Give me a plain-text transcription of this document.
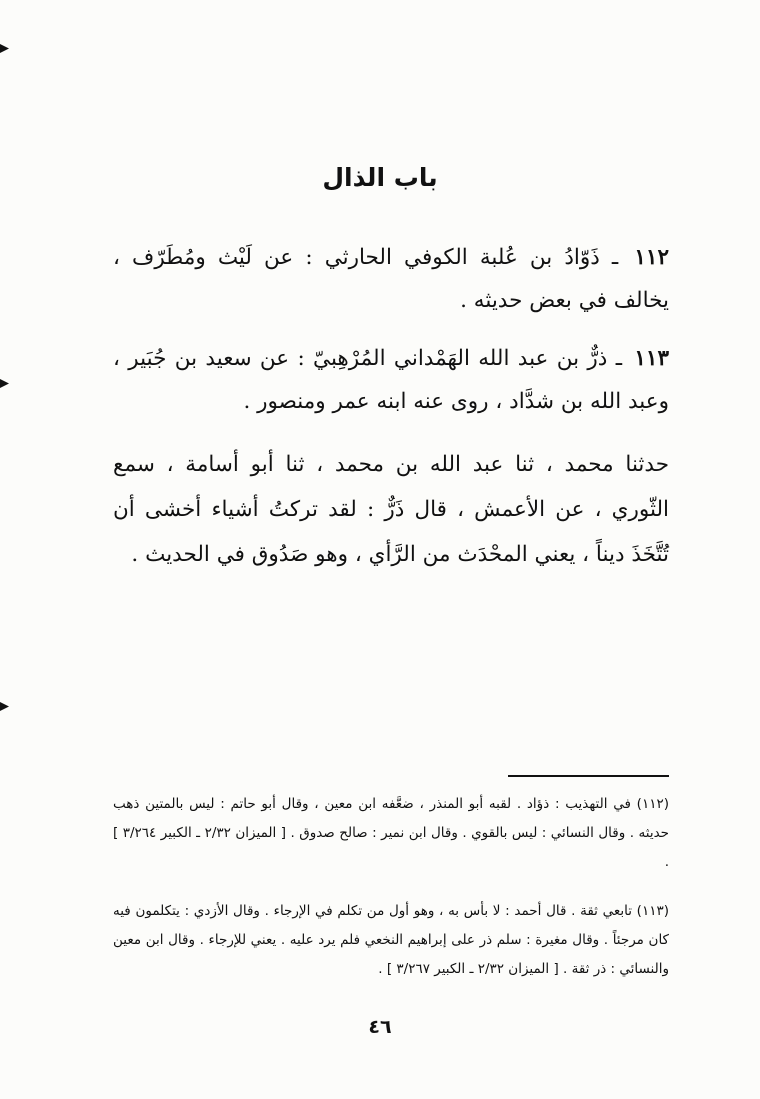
باب الذال
١١٢ ـ ذَوّادُ بن عُلبة الكوفي الحارثي : عن لَيْث ومُطَرّف ، يخالف في بعض حديثه .
١١٣ ـ ذرٌّ بن عبد الله الهَمْداني المُرْهِبيّ : عن سعيد بن جُبَير ، وعبد الله بن شدَّاد ، روى عنه ابنه عمر ومنصور .
حدثنا محمد ، ثنا عبد الله بن محمد ، ثنا أبو أسامة ، سمع الثّوري ، عن الأعمش ، قال ذَرٌّ : لقد تركتُ أشياء أخشى أن تُتَّخَذَ ديناً ، يعني المحْدَث من الرَّأي ، وهو صَدُوق في الحديث .
(١١٢) في التهذيب : ذؤاد . لقبه أبو المنذر ، ضعَّفه ابن معين ، وقال أبو حاتم : ليس بالمتين ذهب حديثه . وقال النسائي : ليس بالقوي . وقال ابن نمير : صالح صدوق . [ الميزان ٢/٣٢ ـ الكبير ٣/٢٦٤ ] .
(١١٣) تابعي ثقة . قال أحمد : لا بأس به ، وهو أول من تكلم في الإرجاء . وقال الأزدي : يتكلمون فيه كان مرجئاً . وقال مغيرة : سلم ذر على إبراهيم النخعي فلم يرد عليه . يعني للإرجاء . وقال ابن معين والنسائي : ذر ثقة . [ الميزان ٢/٣٢ ـ الكبير ٣/٢٦٧ ] .
٤٦
